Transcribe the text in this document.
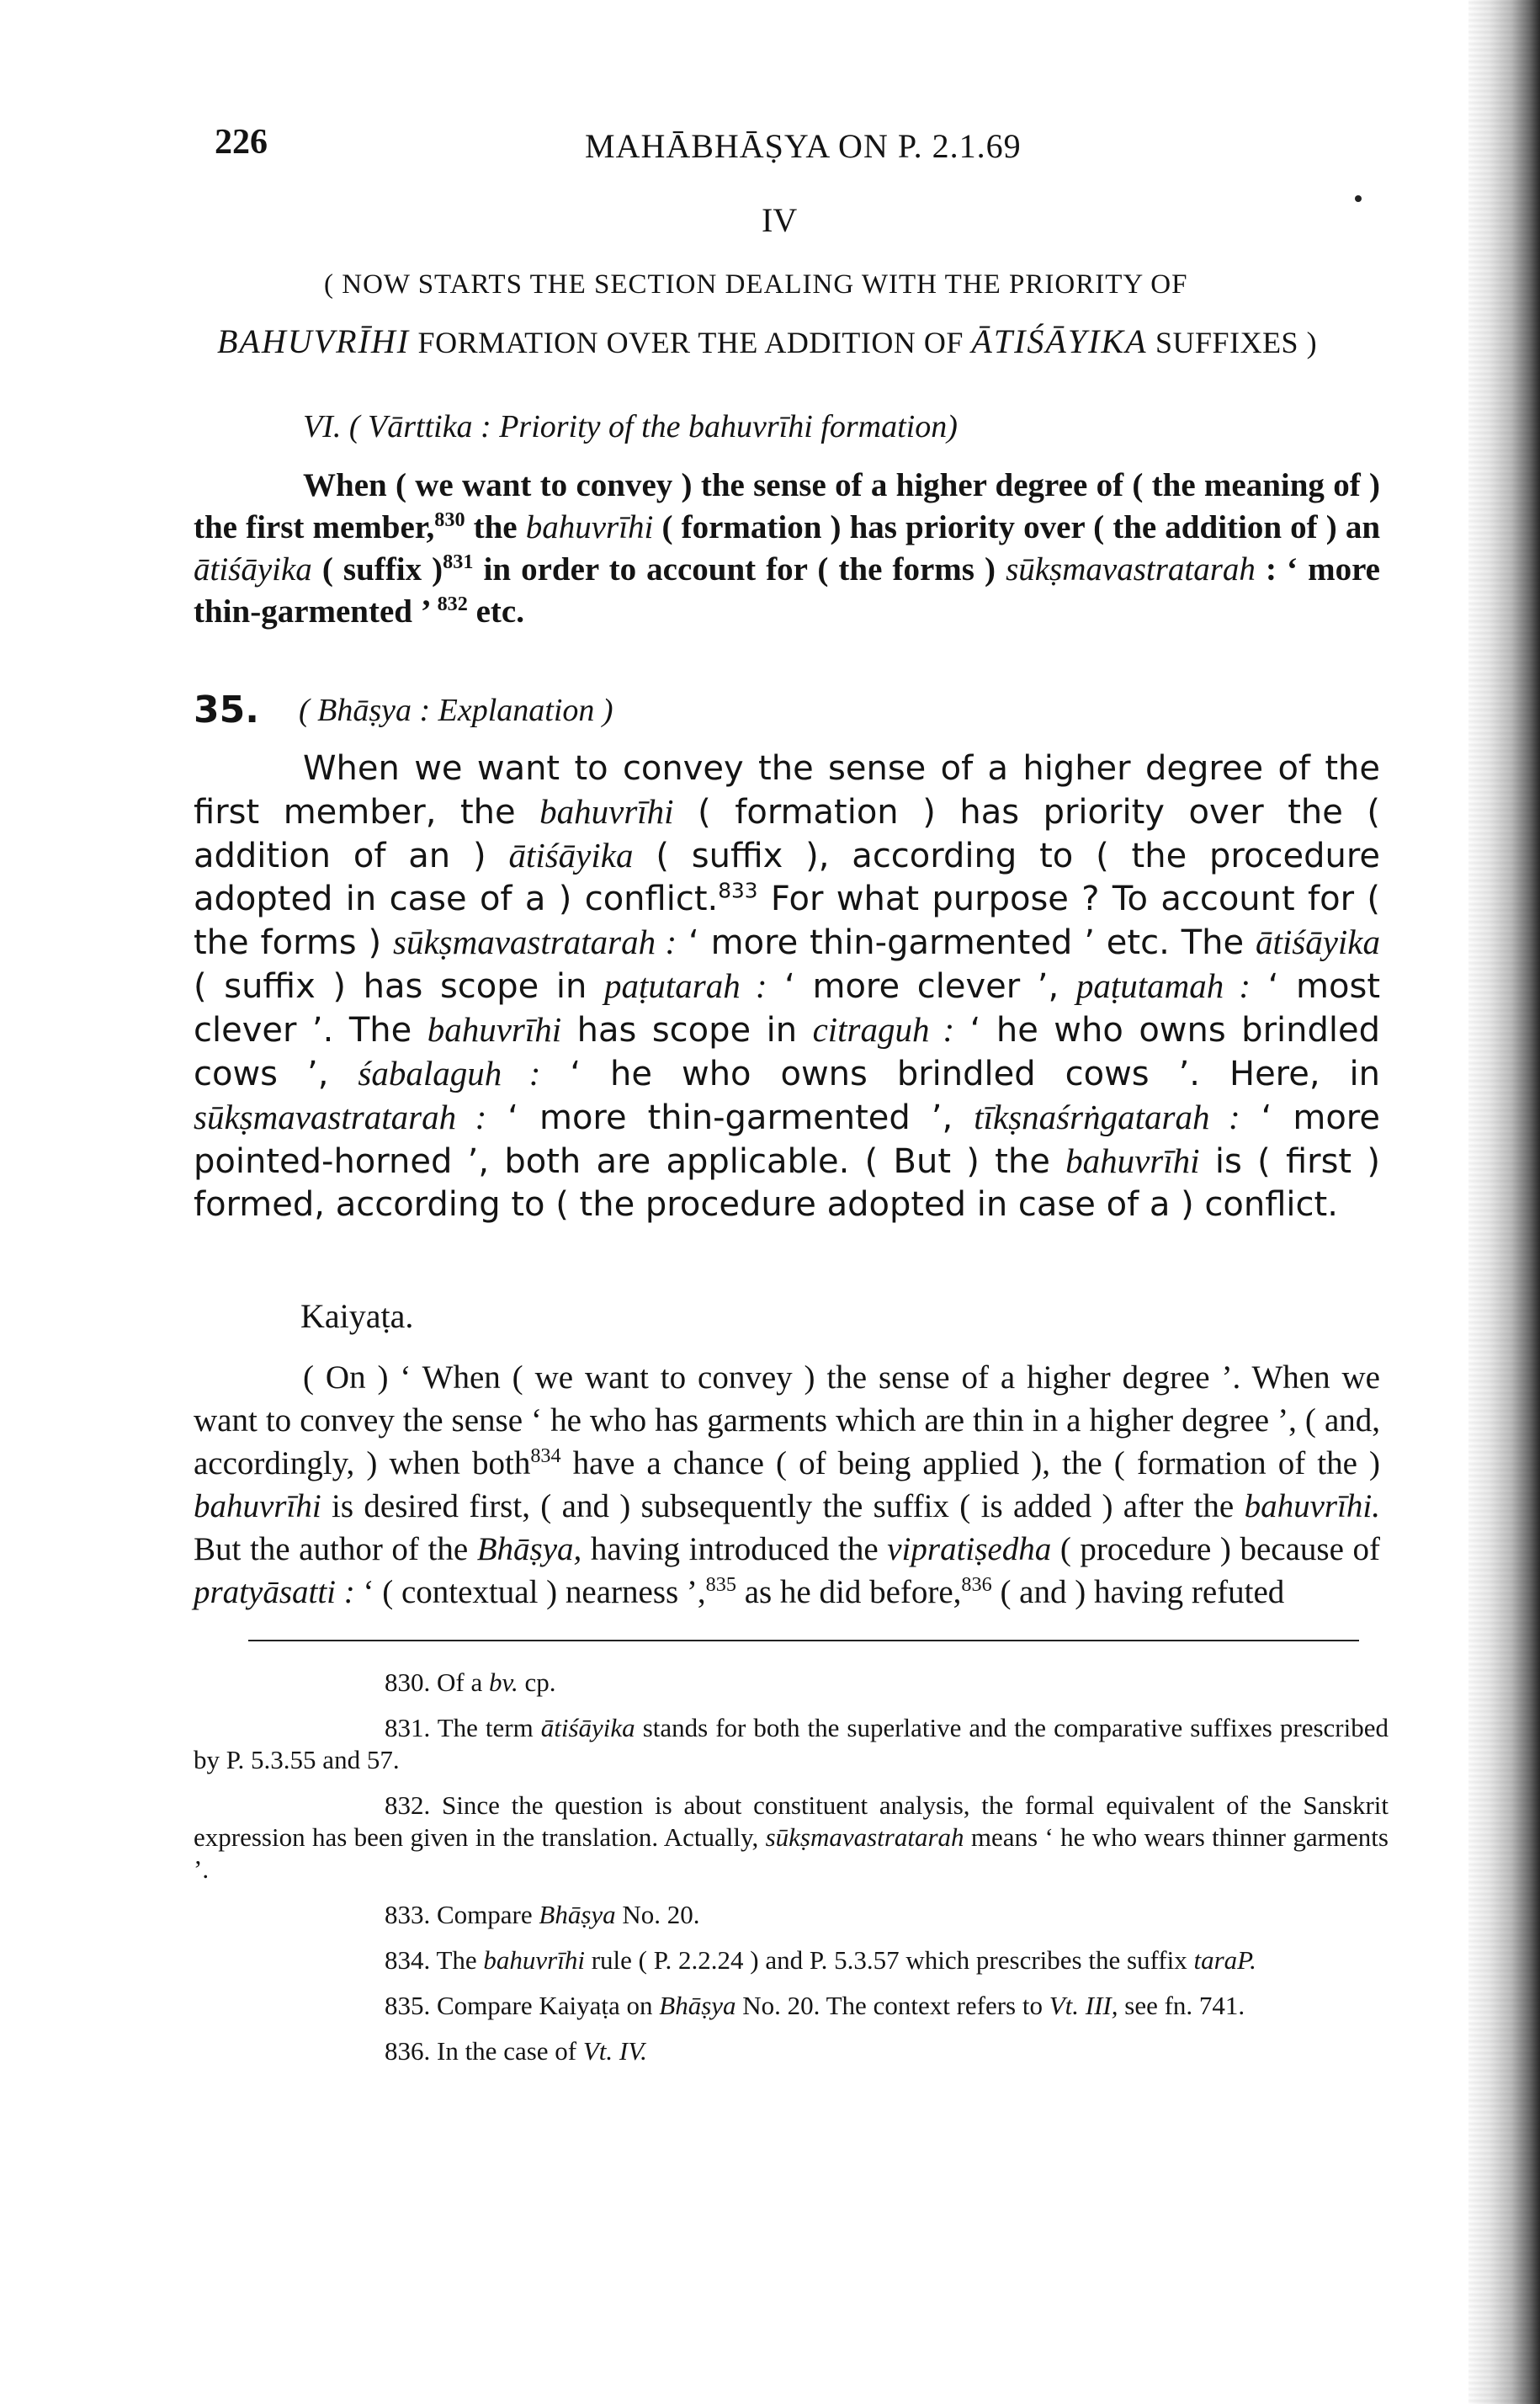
226	MAHĀBHĀṢYA ON P. 2.1.69
IV
( NOW STARTS THE SECTION DEALING WITH THE PRIORITY OF
BAHUVRĪHI FORMATION OVER THE ADDITION OF ĀTIŚĀYIKA SUFFIXES )
VI. ( Vārttika : Priority of the bahuvrīhi formation)

When ( we want to convey ) the sense of a higher degree of ( the meaning of ) the first member,$^{830}$ the bahuvrīhi ( formation ) has priority over ( the addition of ) an ātiśāyika ( suffix )$^{831}$ in order to account for ( the forms ) sūkṣmavastratarah : ‘ more thin-garmented ’ $^{832}$ etc.

35. ( Bhāṣya : Explanation )

When we want to convey the sense of a higher degree of the first member, the bahuvrīhi ( formation ) has priority over the ( addition of an ) ātiśāyika ( suffix ), according to ( the procedure adopted in case of a ) conflict.$^{833}$ For what purpose ? To account for ( the forms ) sūkṣmavastratarah : ‘ more thin-garmented ’ etc. The ātiśāyika ( suffix ) has scope in paṭutarah : ‘ more clever ’, paṭutamah : ‘ most clever ’. The bahuvrīhi has scope in citraguh : ‘ he who owns brindled cows ’, śabalaguh : ‘ he who owns brindled cows ’. Here, in sūkṣmavastratarah : ‘ more thin-garmented ’, tīkṣnaśrṅgatarah : ‘ more pointed-horned ’, both are applicable. ( But ) the bahuvrīhi is ( first ) formed, according to ( the procedure adopted in case of a ) conflict.

Kaiyaṭa.

( On ) ‘ When ( we want to convey ) the sense of a higher degree ’. When we want to convey the sense ‘ he who has garments which are thin in a higher degree ’, ( and, accordingly, ) when both$^{834}$ have a chance ( of being applied ), the ( formation of the ) bahuvrīhi is desired first, ( and ) subsequently the suffix ( is added ) after the bahuvrīhi. But the author of the Bhāṣya, having introduced the vipratiṣedha ( procedure ) because of pratyāsatti : ‘ ( contextual ) nearness ’,$^{835}$ as he did before,$^{836}$ ( and ) having refuted

830. Of a bv. cp.

831. The term ātiśāyika stands for both the superlative and the comparative suffixes prescribed by P. 5.3.55 and 57.

832. Since the question is about constituent analysis, the formal equivalent of the Sanskrit expression has been given in the translation. Actually, sūkṣmavastratarah means ‘ he who wears thinner garments ’.

833. Compare Bhāṣya No. 20.

834. The bahuvrīhi rule ( P. 2.2.24 ) and P. 5.3.57 which prescribes the suffix taraP.

835. Compare Kaiyaṭa on Bhāṣya No. 20. The context refers to Vt. III, see fn. 741.

836. In the case of Vt. IV.
